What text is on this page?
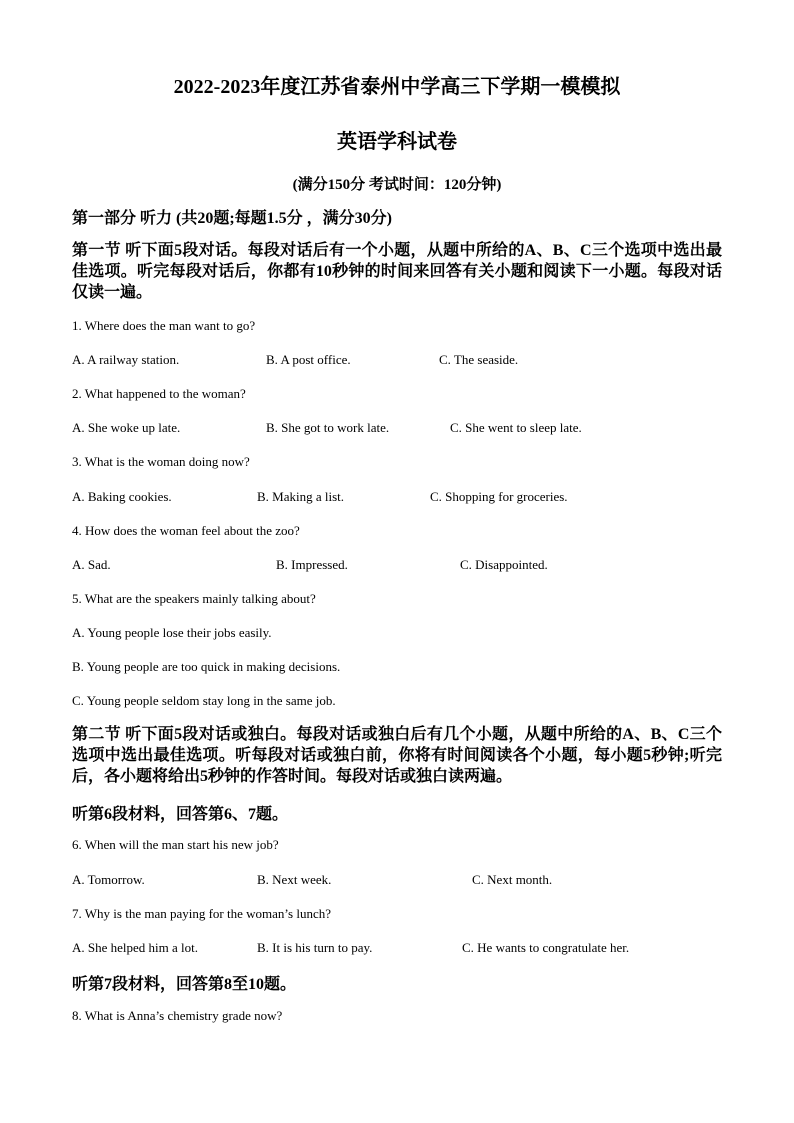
2022-2023年度江苏省泰州中学高三下学期一模模拟
英语学科试卷
(满分150分 考试时间：120分钟)
第一部分 听力 (共20题;每题1.5分 ，满分30分)
第一节 听下面5段对话。每段对话后有一个小题，从题中所给的A、B、C三个选项中选出最佳选项。听完每段对话后，你都有10秒钟的时间来回答有关小题和阅读下一小题。每段对话仅读一遍。
1. Where does the man want to go?
A. A railway station.	B. A post office.	C. The seaside.
2. What happened to the woman?
A. She woke up late.	B. She got to work late.	C. She went to sleep late.
3. What is the woman doing now?
A. Baking cookies.	B. Making a list.	C. Shopping for groceries.
4. How does the woman feel about the zoo?
A. Sad.	B. Impressed.	C. Disappointed.
5. What are the speakers mainly talking about?
A. Young people lose their jobs easily.
B. Young people are too quick in making decisions.
C. Young people seldom stay long in the same job.
第二节 听下面5段对话或独白。每段对话或独白后有几个小题，从题中所给的A、B、C三个选项中选出最佳选项。听每段对话或独白前，你将有时间阅读各个小题，每小题5秒钟;听完后，各小题将给出5秒钟的作答时间。每段对话或独白读两遍。
听第6段材料，回答第6、7题。
6. When will the man start his new job?
A. Tomorrow.	B. Next week.	C. Next month.
7. Why is the man paying for the woman’s lunch?
A. She helped him a lot.	B. It is his turn to pay.	C. He wants to congratulate her.
听第7段材料，回答第8至10题。
8. What is Anna’s chemistry grade now?
